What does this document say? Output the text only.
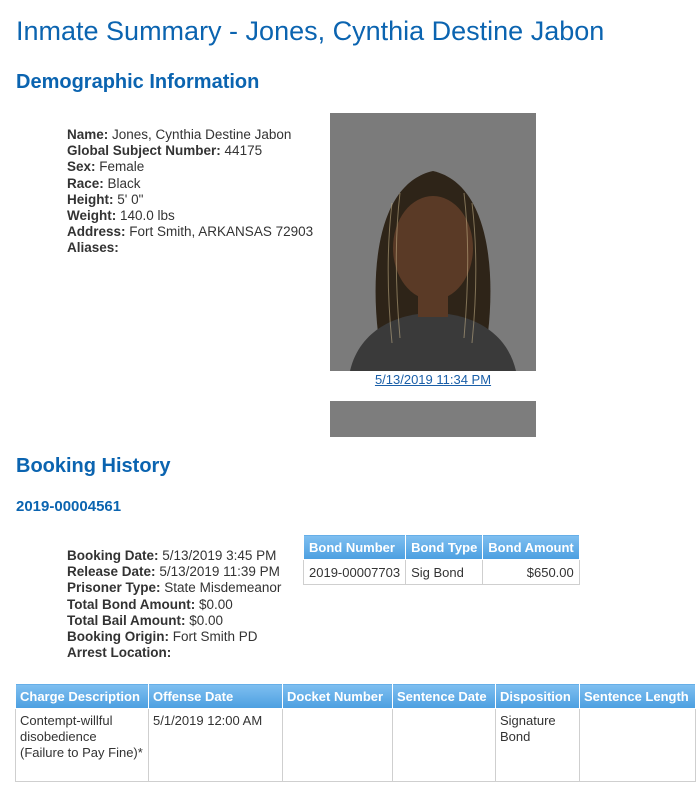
Inmate Summary - Jones, Cynthia Destine Jabon
Demographic Information
Name: Jones, Cynthia Destine Jabon
Global Subject Number: 44175
Sex: Female
Race: Black
Height: 5' 0"
Weight: 140.0 lbs
Address: Fort Smith, ARKANSAS 72903
Aliases:
5/13/2019 11:34 PM
Booking History
2019-00004561
Booking Date: 5/13/2019 3:45 PM
Release Date: 5/13/2019 11:39 PM
Prisoner Type: State Misdemeanor
Total Bond Amount: $0.00
Total Bail Amount: $0.00
Booking Origin: Fort Smith PD
Arrest Location:
Bond Number	Bond Type	Bond Amount
2019-00007703	Sig Bond	$650.00
Charge Description	Offense Date	Docket Number	Sentence Date	Disposition	Sentence Length
Contempt-willful disobedience (Failure to Pay Fine)*	5/1/2019 12:00 AM			Signature Bond	
